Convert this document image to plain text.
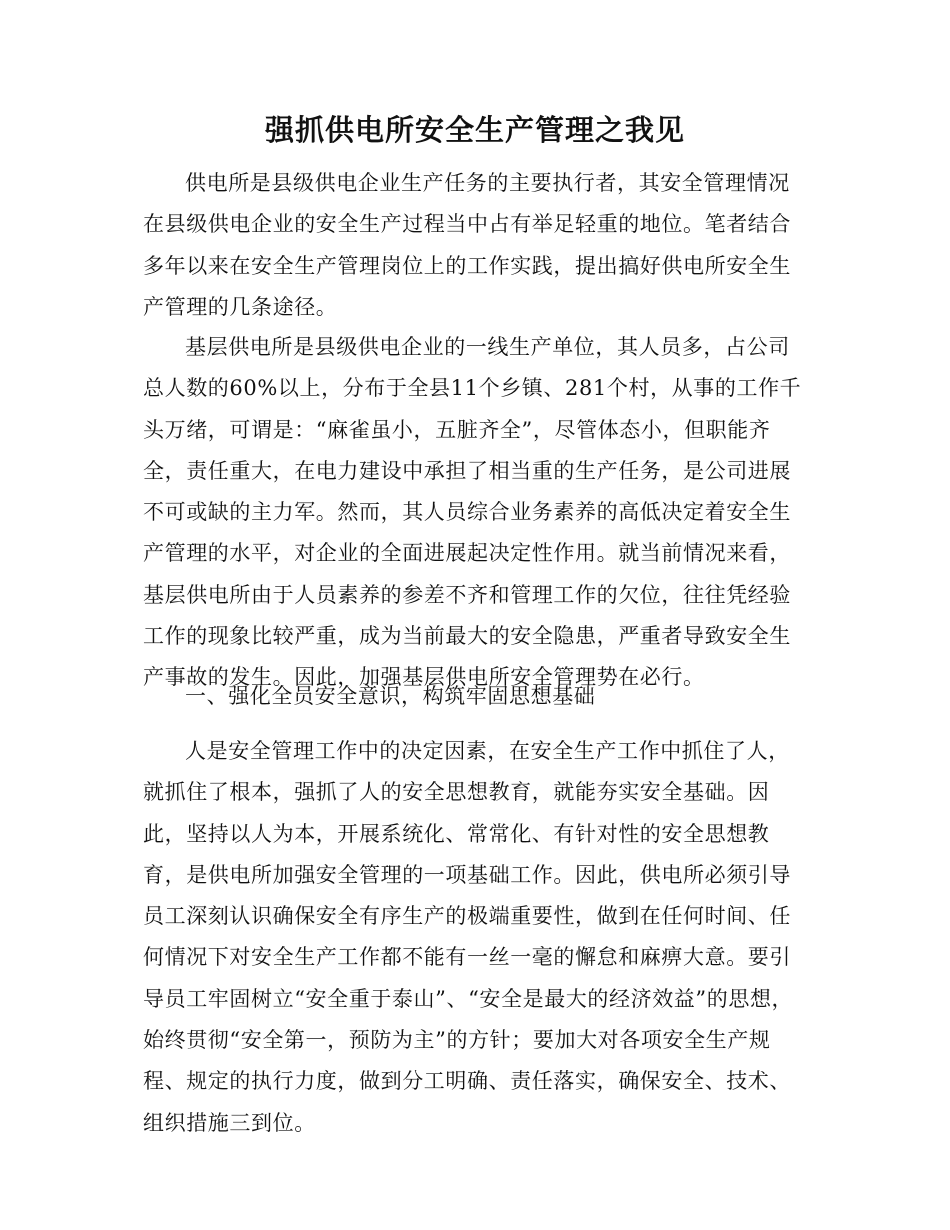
强抓供电所安全生产管理之我见

供电所是县级供电企业生产任务的主要执行者，其安全管理情况在县级供电企业的安全生产过程当中占有举足轻重的地位。笔者结合多年以来在安全生产管理岗位上的工作实践，提出搞好供电所安全生产管理的几条途径。

基层供电所是县级供电企业的一线生产单位，其人员多，占公司总人数的60%以上，分布于全县11个乡镇、281个村，从事的工作千头万绪，可谓是：“麻雀虽小，五脏齐全”，尽管体态小，但职能齐全，责任重大，在电力建设中承担了相当重的生产任务，是公司进展不可或缺的主力军。然而，其人员综合业务素养的高低决定着安全生产管理的水平，对企业的全面进展起决定性作用。就当前情况来看，基层供电所由于人员素养的参差不齐和管理工作的欠位，往往凭经验工作的现象比较严重，成为当前最大的安全隐患，严重者导致安全生产事故的发生。因此，加强基层供电所安全管理势在必行。

一、强化全员安全意识，构筑牢固思想基础

人是安全管理工作中的决定因素，在安全生产工作中抓住了人，就抓住了根本，强抓了人的安全思想教育，就能夯实安全基础。因此，坚持以人为本，开展系统化、常常化、有针对性的安全思想教育，是供电所加强安全管理的一项基础工作。因此，供电所必须引导员工深刻认识确保安全有序生产的极端重要性，做到在任何时间、任何情况下对安全生产工作都不能有一丝一毫的懈怠和麻痹大意。要引导员工牢固树立“安全重于泰山”、“安全是最大的经济效益”的思想，始终贯彻“安全第一，预防为主”的方针；要加大对各项安全生产规程、规定的执行力度，做到分工明确、责任落实，确保安全、技术、组织措施三到位。
